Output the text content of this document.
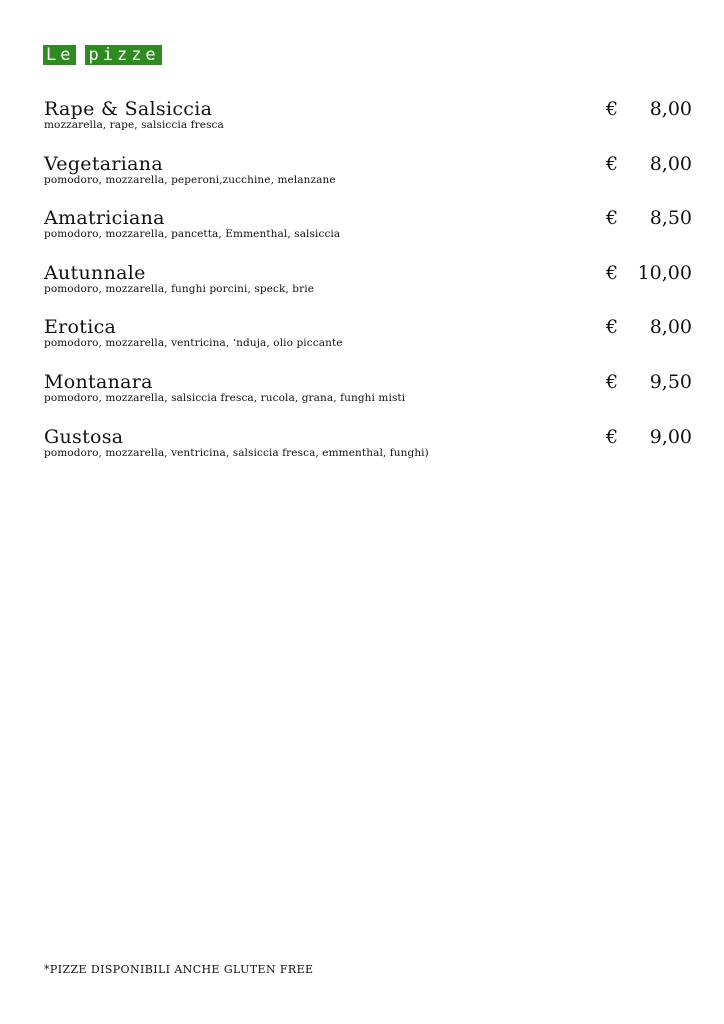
Le pizze
Rape & Salsiccia
mozzarella, rape, salsiccia fresca
€ 8,00
Vegetariana
pomodoro, mozzarella, peperoni,zucchine, melanzane
€ 8,00
Amatriciana
pomodoro, mozzarella, pancetta, Emmenthal, salsiccia
€ 8,50
Autunnale
pomodoro, mozzarella, funghi porcini, speck, brie
€ 10,00
Erotica
pomodoro, mozzarella, ventricina, ‘nduja, olio piccante
€ 8,00
Montanara
pomodoro, mozzarella, salsiccia fresca, rucola, grana, funghi misti
€ 9,50
Gustosa
pomodoro, mozzarella, ventricina, salsiccia fresca, emmenthal, funghi)
€ 9,00
*PIZZE DISPONIBILI ANCHE GLUTEN FREE
